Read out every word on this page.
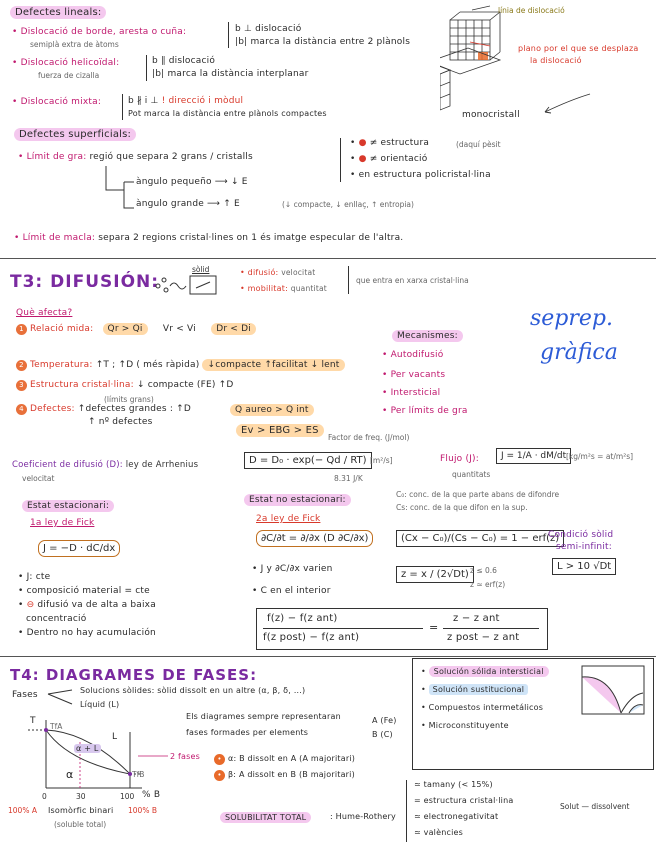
Defectes lineals:
• Dislocació de borde, aresta o cuña:
semiplà extra de àtoms
b ⊥ dislocació
|b| marca la distància entre 2 plànols
• Dislocació helicoïdal:
fuerza de cizalla
b ∥ dislocació
|b| marca la distància interplanar
• Dislocació mixta:	b ∦ i ⊥ ! direcció i mòdul
Pot marca la distància entre plànols compactes
línia de dislocació
plano por el que se desplaza
la dislocació
monocristall
(daquí pèsit
Defectes superficials:
• Límit de gra: regió que separa 2 grans / cristalls
àngulo pequeño ⟶ ↓ E
àngulo grande ⟶ ↑ E	(↓ compacte, ↓ enllaç, ↑ entropia)
• ● ≠ estructura
• ● ≠ orientació
• en estructura policristal·lina
• Límit de macla: separa 2 regions cristal·lines on 1 és imatge especular de l'altra.
T3: DIFUSIÓN:
sòlid	• difusió: velocitat
• mobilitat: quantitat
que entra en xarxa cristal·lina
Què afecta?
1 Relació mida: Qr > Qi Vr < Vi Dr < Di
2 Temperatura: ↑T ; ↑D ( més ràpida) ↓compacte ↑facilitat ↓ lent
3 Estructura cristal·lina: ↓ compacte (FE) ↑D
(límits grans)
4 Defectes: ↑defectes grandes : ↑D
↑ nº defectes
Q aureo > Q int
Ev > EBG > ES
Mecanismes:
• Autodifusió
• Per vacants
• Intersticial
• Per límits de gra
seprep.
gràfica
Coeficient de difusió (D): ley de Arrhenius
velocitat
D = D₀ · exp(− Qd / RT) [m²/s]
Factor de freq. (J/mol)
8.31 J/K
Flujo (J):	J = 1/A · dM/dt [kg/m²s = at/m²s]
quantitats
Estat estacionari:
1a ley de Fick
J = −D · dC/dx
• J: cte
• composició material = cte
• ⊖ difusió va de alta a baixa
concentració
• Dentro no hay acumulación
Estat no estacionari:
2a ley de Fick
∂C/∂t = ∂/∂x (D ∂C/∂x)
• J y ∂C/∂x varien
• C en el interior
C₀: conc. de la que parte abans de difondre
Cs: conc. de la que difon en la sup.
(Cx − C₀)/(Cs − C₀) = 1 − erf(z)
z = x / (2√Dt) z ≤ 0.6
z ≃ erf(z)
Condició sòlid
semi-infinit:
L > 10 √Dt
f(z) − f(z ant)
f(z post) − f(z ant)
=
z − z ant
z post − z ant
T4: DIAGRAMES DE FASES:
Fases	Solucions sòlides: sòlid dissolt en un altre (α, β, δ, …)
Líquid (L)
Els diagrames sempre representaran
fases formades per elements
A (Fe)
B (C)
T
TfA
TfB
L
α + L
α
0	30	100 % B
100% A	100% B
2 fases
Isomòrfic binari
(soluble total)
• α: B dissolt en A (A majoritari)
• β: A dissolt en B (B majoritari)
SOLUBILITAT TOTAL	: Hume-Rothery
≃ tamany (< 15%)
= estructura cristal·lina
≃ electronegativitat
≃ valències
Solut — dissolvent
• Solución sólida intersticial
• Solución sustitucional
• Compuestos intermetálicos
• Microconstituyente
